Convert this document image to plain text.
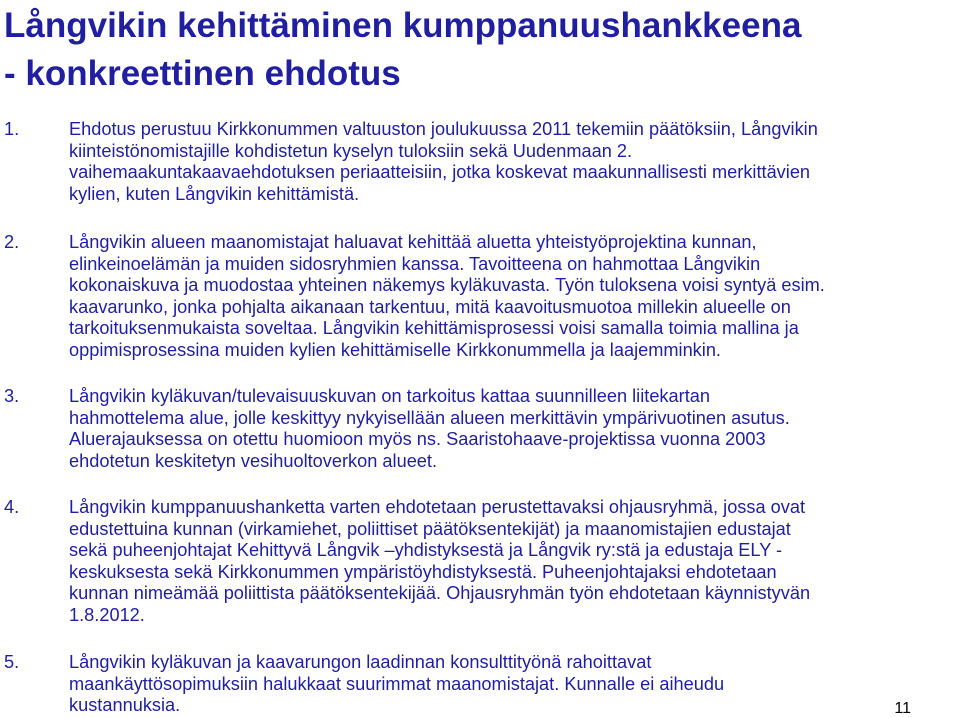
Långvikin kehittäminen kumppanuushankkeena
- konkreettinen ehdotus
1.	Ehdotus perustuu Kirkkonummen valtuuston joulukuussa 2011 tekemiin päätöksiin, Långvikin
kiinteistönomistajille kohdistetun kyselyn tuloksiin sekä Uudenmaan 2.
vaihemaakuntakaavaehdotuksen periaatteisiin, jotka koskevat maakunnallisesti merkittävien
kylien, kuten Långvikin kehittämistä.
2.	Långvikin alueen maanomistajat haluavat kehittää aluetta yhteistyöprojektina kunnan,
elinkeinoelämän ja muiden sidosryhmien kanssa. Tavoitteena on hahmottaa Långvikin
kokonaiskuva ja muodostaa yhteinen näkemys kyläkuvasta. Työn tuloksena voisi syntyä esim.
kaavarunko, jonka pohjalta aikanaan tarkentuu, mitä kaavoitusmuotoa millekin alueelle on
tarkoituksenmukaista soveltaa. Långvikin kehittämisprosessi voisi samalla toimia mallina ja
oppimisprosessina muiden kylien kehittämiselle Kirkkonummella ja laajemminkin.
3.	Långvikin kyläkuvan/tulevaisuuskuvan on tarkoitus kattaa suunnilleen liitekartan
hahmottelema alue, jolle keskittyy nykyisellään alueen merkittävin ympärivuotinen asutus.
Aluerajauksessa on otettu huomioon myös ns. Saaristohaave-projektissa vuonna 2003
ehdotetun keskitetyn vesihuoltoverkon alueet.
4.	Långvikin kumppanuushanketta varten ehdotetaan perustettavaksi ohjausryhmä, jossa ovat
edustettuina kunnan (virkamiehet, poliittiset päätöksentekijät) ja maanomistajien edustajat
sekä puheenjohtajat Kehittyvä Långvik –yhdistyksestä ja Långvik ry:stä ja edustaja ELY -
keskuksesta sekä Kirkkonummen ympäristöyhdistyksestä. Puheenjohtajaksi ehdotetaan
kunnan nimeämää poliittista päätöksentekijää. Ohjausryhmän työn ehdotetaan käynnistyvän
1.8.2012.
5.	Långvikin kyläkuvan ja kaavarungon laadinnan konsulttityönä rahoittavat
maankäyttösopimuksiin halukkaat suurimmat maanomistajat. Kunnalle ei aiheudu
kustannuksia.	11
